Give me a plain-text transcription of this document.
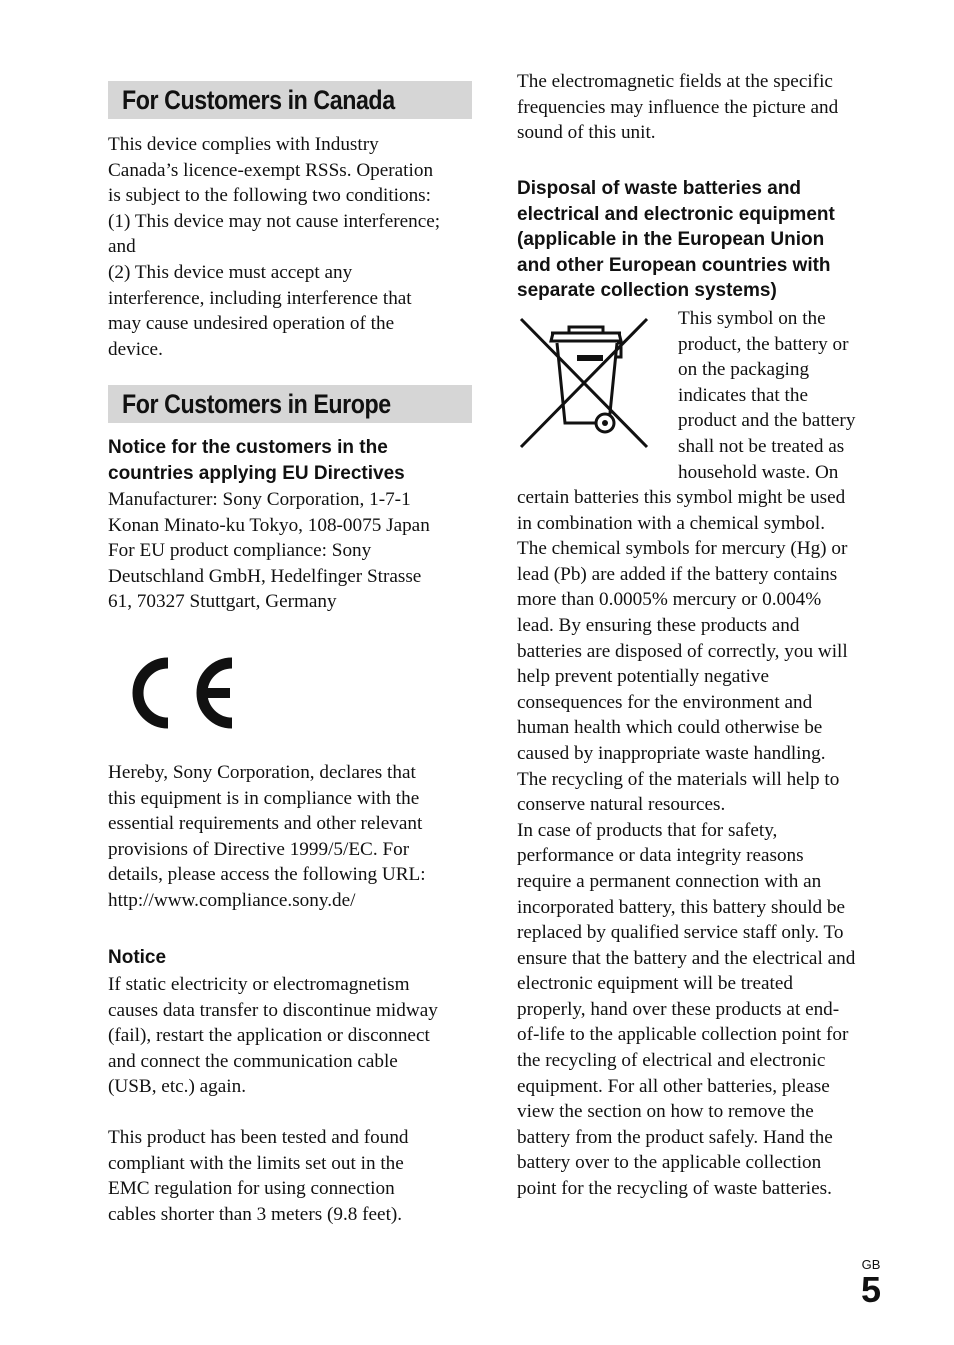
For Customers in Canada

This device complies with Industry
Canada’s licence-exempt RSSs. Operation
is subject to the following two conditions:
(1) This device may not cause interference;
and
(2) This device must accept any
interference, including interference that
may cause undesired operation of the
device.

For Customers in Europe

Notice for the customers in the
countries applying EU Directives

Manufacturer: Sony Corporation, 1-7-1
Konan Minato-ku Tokyo, 108-0075 Japan
For EU product compliance: Sony
Deutschland GmbH, Hedelfinger Strasse
61, 70327 Stuttgart, Germany

Hereby, Sony Corporation, declares that
this equipment is in compliance with the
essential requirements and other relevant
provisions of Directive 1999/5/EC. For
details, please access the following URL:
http://www.compliance.sony.de/

Notice

If static electricity or electromagnetism
causes data transfer to discontinue midway
(fail), restart the application or disconnect
and connect the communication cable
(USB, etc.) again.

This product has been tested and found
compliant with the limits set out in the
EMC regulation for using connection
cables shorter than 3 meters (9.8 feet).

The electromagnetic fields at the specific
frequencies may influence the picture and
sound of this unit.

Disposal of waste batteries and
electrical and electronic equipment
(applicable in the European Union
and other European countries with
separate collection systems)

This symbol on the
product, the battery or
on the packaging
indicates that the
product and the battery
shall not be treated as
household waste. On

certain batteries this symbol might be used
in combination with a chemical symbol.
The chemical symbols for mercury (Hg) or
lead (Pb) are added if the battery contains
more than 0.0005% mercury or 0.004%
lead. By ensuring these products and
batteries are disposed of correctly, you will
help prevent potentially negative
consequences for the environment and
human health which could otherwise be
caused by inappropriate waste handling.
The recycling of the materials will help to
conserve natural resources.
In case of products that for safety,
performance or data integrity reasons
require a permanent connection with an
incorporated battery, this battery should be
replaced by qualified service staff only. To
ensure that the battery and the electrical and
electronic equipment will be treated
properly, hand over these products at end-
of-life to the applicable collection point for
the recycling of electrical and electronic
equipment. For all other batteries, please
view the section on how to remove the
battery from the product safely. Hand the
battery over to the applicable collection
point for the recycling of waste batteries.

GB
5
